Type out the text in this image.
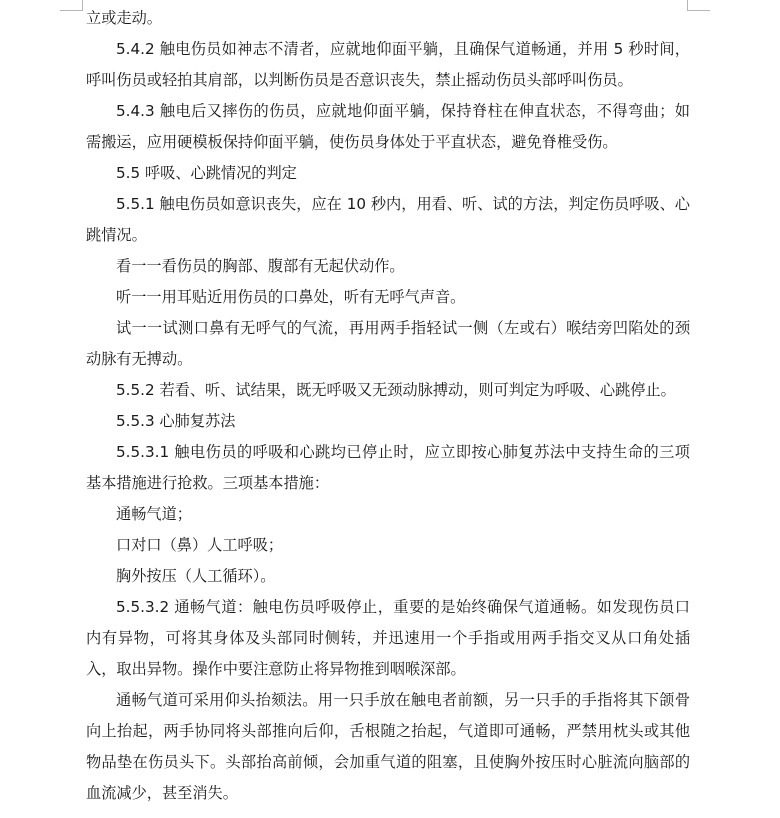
立或走动。

5.4.2 触电伤员如神志不清者，应就地仰面平躺，且确保气道畅通，并用 5 秒时间，呼叫伤员或轻拍其肩部，以判断伤员是否意识丧失，禁止摇动伤员头部呼叫伤员。

5.4.3 触电后又摔伤的伤员，应就地仰面平躺，保持脊柱在伸直状态，不得弯曲；如需搬运，应用硬模板保持仰面平躺，使伤员身体处于平直状态，避免脊椎受伤。

5.5 呼吸、心跳情况的判定

5.5.1 触电伤员如意识丧失，应在 10 秒内，用看、听、试的方法，判定伤员呼吸、心跳情况。

看一一看伤员的胸部、腹部有无起伏动作。

听一一用耳贴近用伤员的口鼻处，听有无呼气声音。

试一一试测口鼻有无呼气的气流，再用两手指轻试一侧（左或右）喉结旁凹陷处的颈动脉有无搏动。

5.5.2 若看、听、试结果，既无呼吸又无颈动脉搏动，则可判定为呼吸、心跳停止。

5.5.3 心肺复苏法

5.5.3.1 触电伤员的呼吸和心跳均已停止时，应立即按心肺复苏法中支持生命的三项基本措施进行抢救。三项基本措施：

通畅气道；

口对口（鼻）人工呼吸；

胸外按压（人工循环）。

5.5.3.2 通畅气道：触电伤员呼吸停止，重要的是始终确保气道通畅。如发现伤员口内有异物，可将其身体及头部同时侧转，并迅速用一个手指或用两手指交叉从口角处插入，取出异物。操作中要注意防止将异物推到咽喉深部。

通畅气道可采用仰头抬颏法。用一只手放在触电者前额，另一只手的手指将其下颌骨向上抬起，两手协同将头部推向后仰，舌根随之抬起，气道即可通畅，严禁用枕头或其他物品垫在伤员头下。头部抬高前倾，会加重气道的阻塞，且使胸外按压时心脏流向脑部的血流减少，甚至消失。
